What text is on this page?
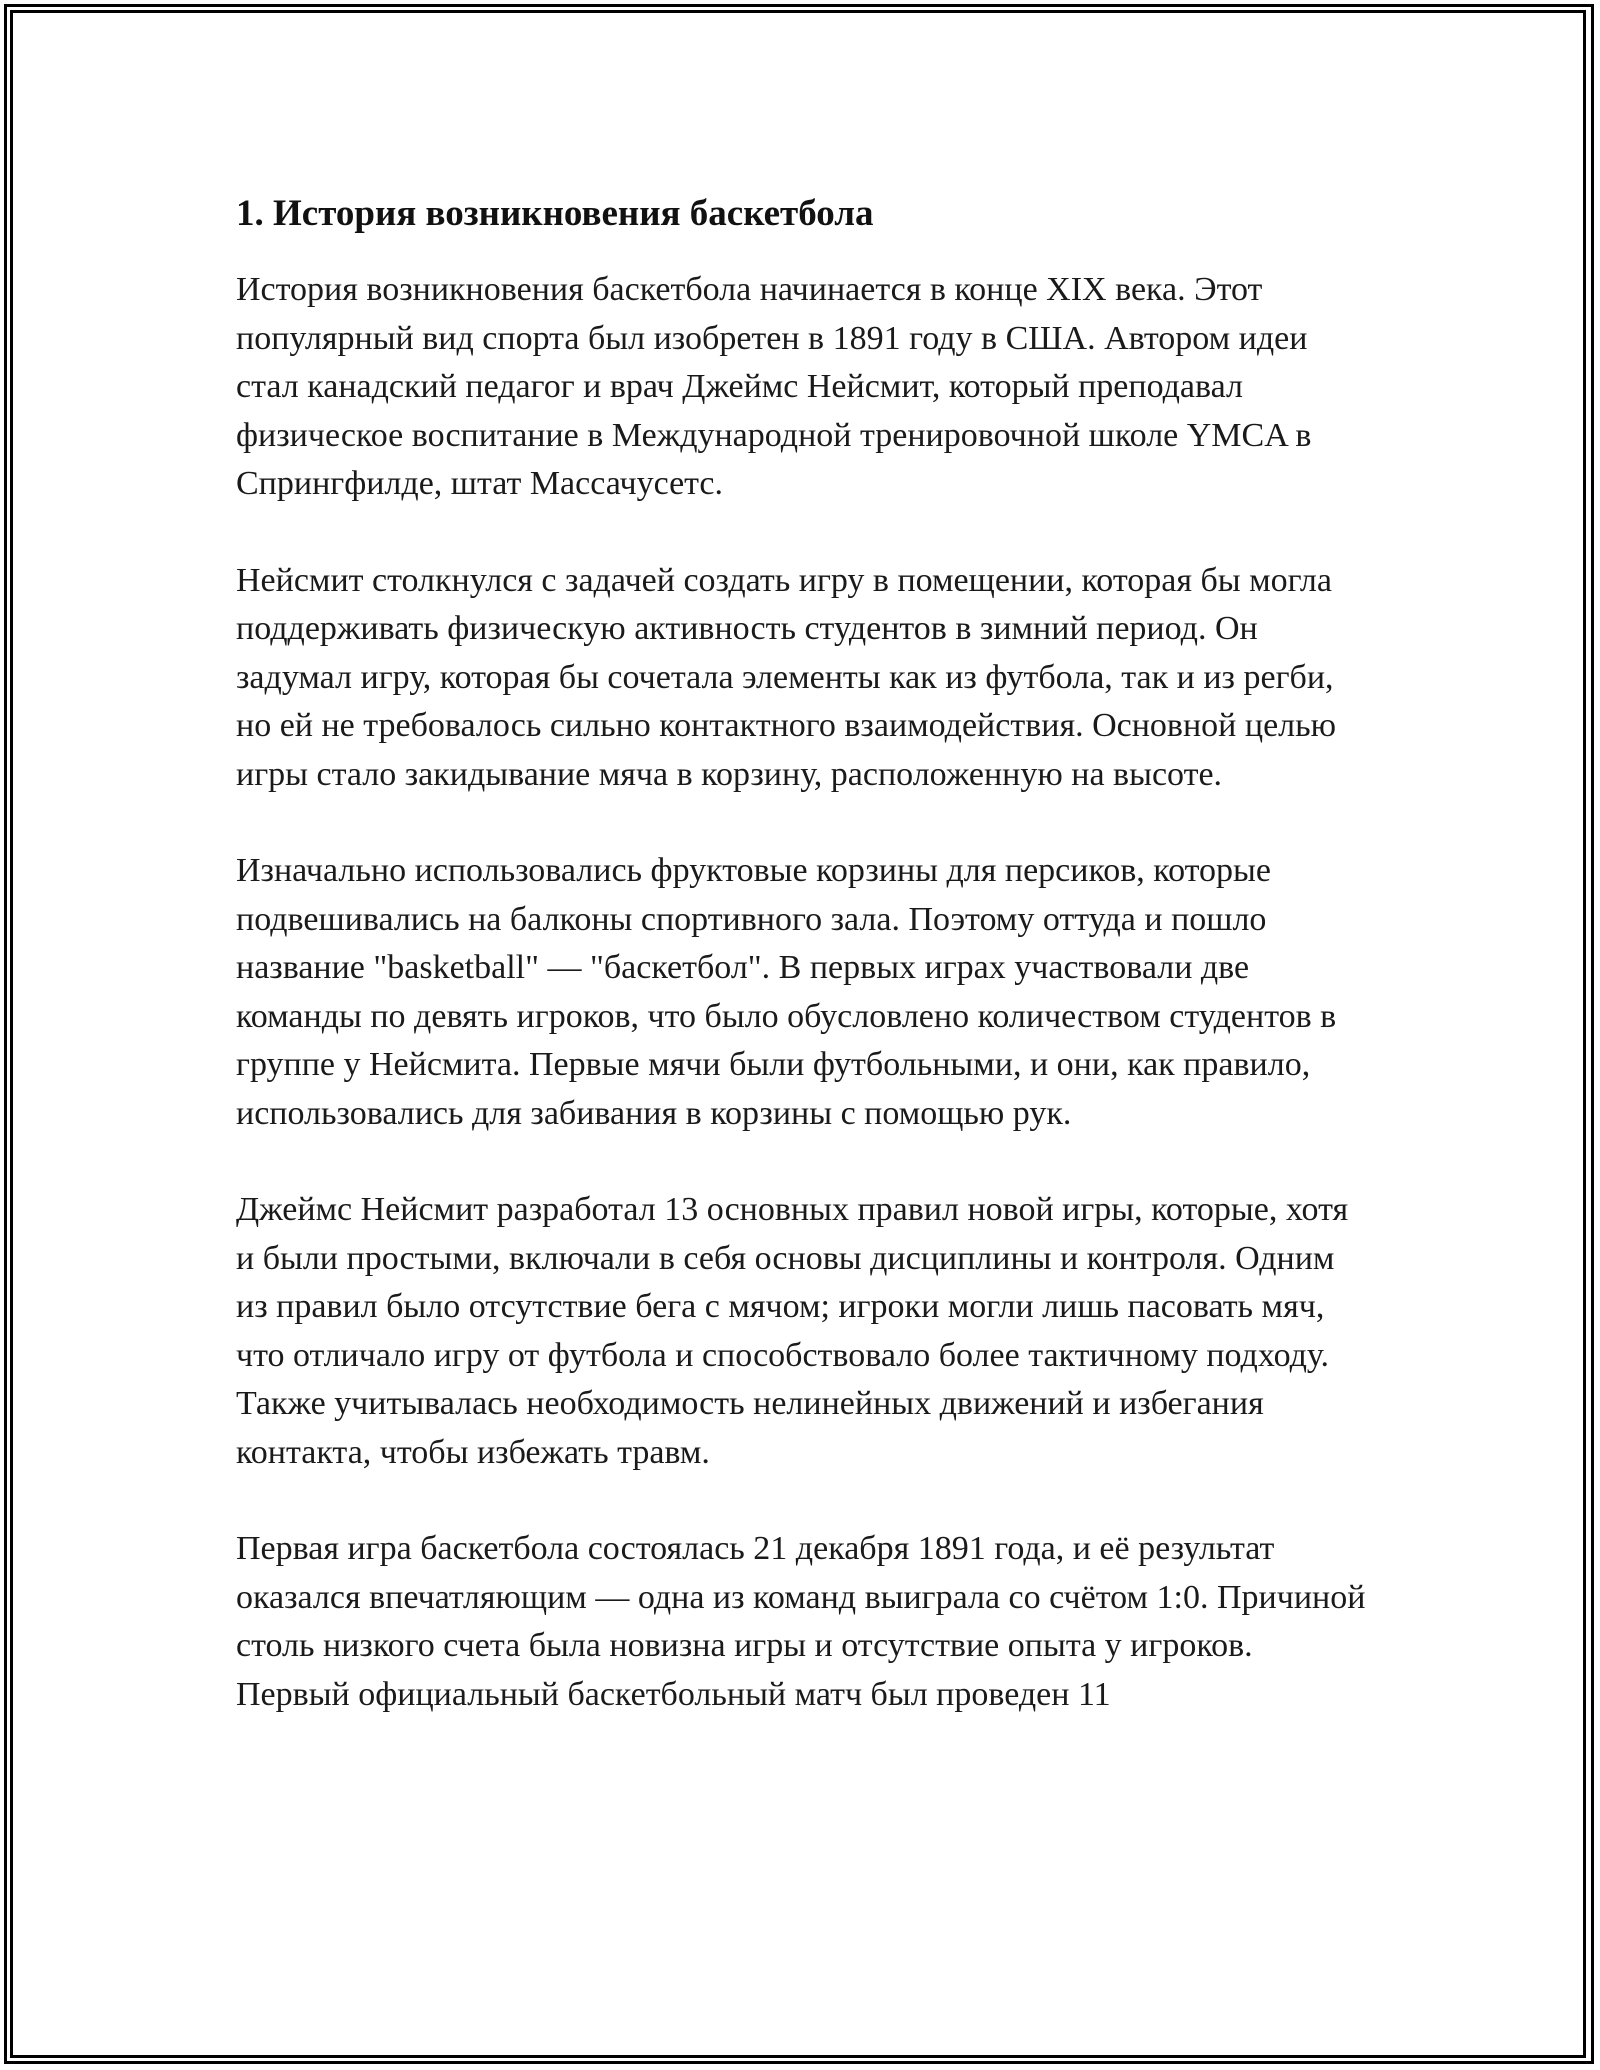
1. История возникновения баскетбола

История возникновения баскетбола начинается в конце XIX века. Этот популярный вид спорта был изобретен в 1891 году в США. Автором идеи стал канадский педагог и врач Джеймс Нейсмит, который преподавал физическое воспитание в Международной тренировочной школе YMCA в Спрингфилде, штат Массачусетс.

Нейсмит столкнулся с задачей создать игру в помещении, которая бы могла поддерживать физическую активность студентов в зимний период. Он задумал игру, которая бы сочетала элементы как из футбола, так и из регби, но ей не требовалось сильно контактного взаимодействия. Основной целью игры стало закидывание мяча в корзину, расположенную на высоте.

Изначально использовались фруктовые корзины для персиков, которые подвешивались на балконы спортивного зала. Поэтому оттуда и пошло название "basketball" — "баскетбол". В первых играх участвовали две команды по девять игроков, что было обусловлено количеством студентов в группе у Нейсмита. Первые мячи были футбольными, и они, как правило, использовались для забивания в корзины с помощью рук.

Джеймс Нейсмит разработал 13 основных правил новой игры, которые, хотя и были простыми, включали в себя основы дисциплины и контроля. Одним из правил было отсутствие бега с мячом; игроки могли лишь пасовать мяч, что отличало игру от футбола и способствовало более тактичному подходу. Также учитывалась необходимость нелинейных движений и избегания контакта, чтобы избежать травм.

Первая игра баскетбола состоялась 21 декабря 1891 года, и её результат оказался впечатляющим — одна из команд выиграла со счётом 1:0. Причиной столь низкого счета была новизна игры и отсутствие опыта у игроков. Первый официальный баскетбольный матч был проведен 11
